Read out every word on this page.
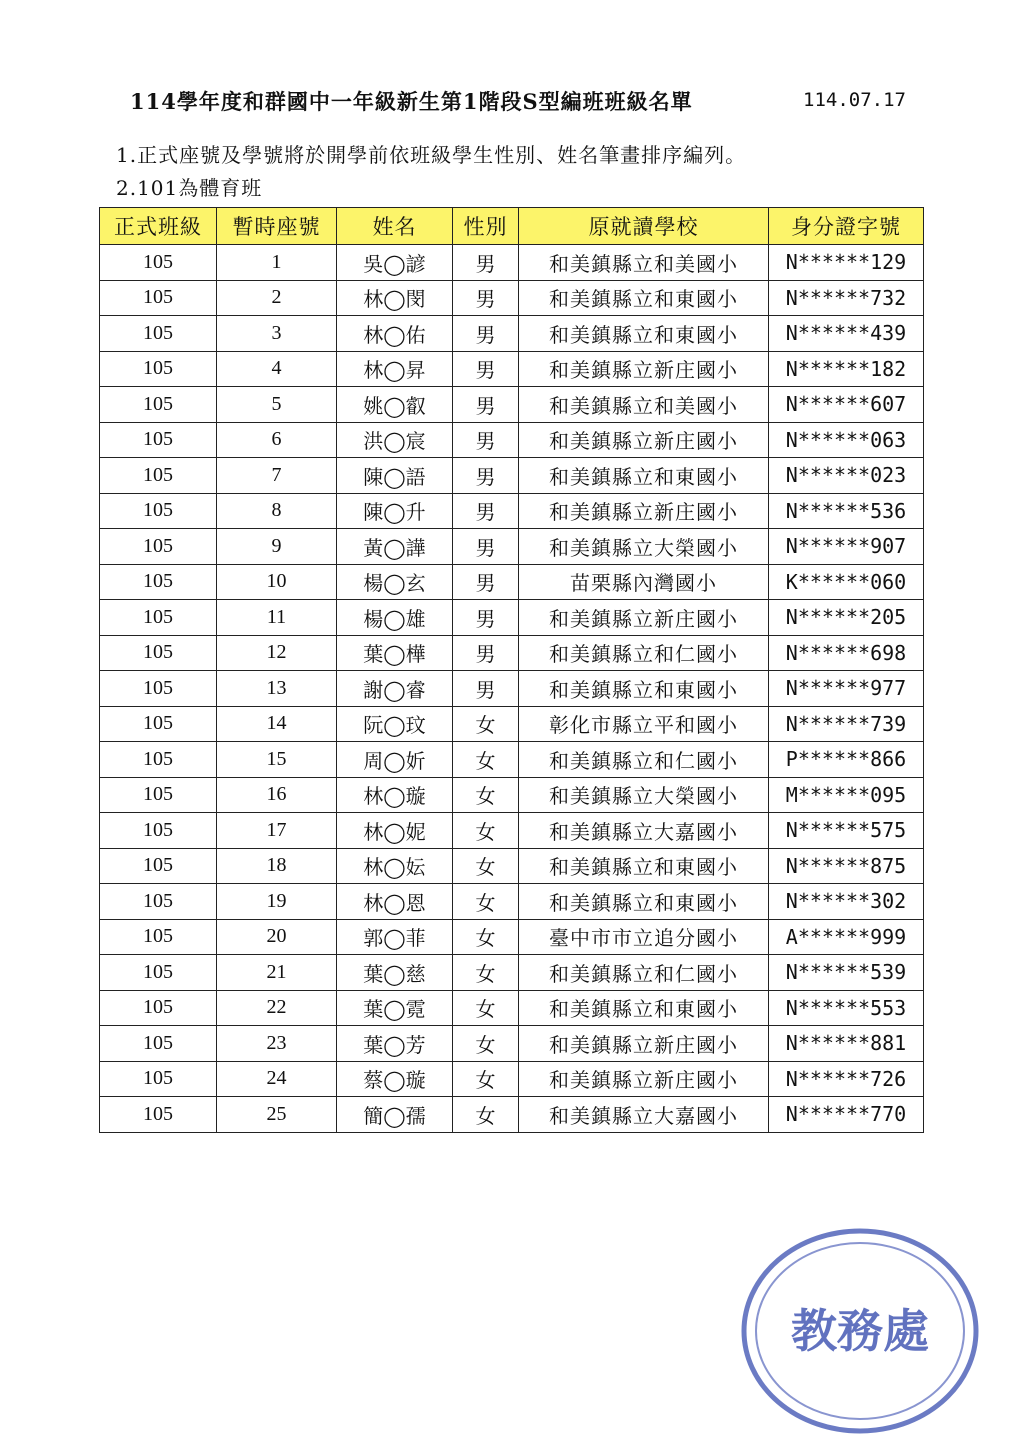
114學年度和群國中一年級新生第1階段S型編班班級名單	114.07.17
1.正式座號及學號將於開學前依班級學生性別、姓名筆畫排序編列。
2.101為體育班
正式班級	暫時座號	姓名	性別	原就讀學校	身分證字號
105	1	吳◯諺	男	和美鎮縣立和美國小	N******129
105	2	林◯閔	男	和美鎮縣立和東國小	N******732
105	3	林◯佑	男	和美鎮縣立和東國小	N******439
105	4	林◯昇	男	和美鎮縣立新庄國小	N******182
105	5	姚◯叡	男	和美鎮縣立和美國小	N******607
105	6	洪◯宸	男	和美鎮縣立新庄國小	N******063
105	7	陳◯語	男	和美鎮縣立和東國小	N******023
105	8	陳◯升	男	和美鎮縣立新庄國小	N******536
105	9	黃◯譁	男	和美鎮縣立大榮國小	N******907
105	10	楊◯玄	男	苗栗縣內灣國小	K******060
105	11	楊◯雄	男	和美鎮縣立新庄國小	N******205
105	12	葉◯樺	男	和美鎮縣立和仁國小	N******698
105	13	謝◯睿	男	和美鎮縣立和東國小	N******977
105	14	阮◯玟	女	彰化市縣立平和國小	N******739
105	15	周◯妡	女	和美鎮縣立和仁國小	P******866
105	16	林◯璇	女	和美鎮縣立大榮國小	M******095
105	17	林◯妮	女	和美鎮縣立大嘉國小	N******575
105	18	林◯妘	女	和美鎮縣立和東國小	N******875
105	19	林◯恩	女	和美鎮縣立和東國小	N******302
105	20	郭◯菲	女	臺中市市立追分國小	A******999
105	21	葉◯慈	女	和美鎮縣立和仁國小	N******539
105	22	葉◯霓	女	和美鎮縣立和東國小	N******553
105	23	葉◯芳	女	和美鎮縣立新庄國小	N******881
105	24	蔡◯璇	女	和美鎮縣立新庄國小	N******726
105	25	簡◯孺	女	和美鎮縣立大嘉國小	N******770
教務處
